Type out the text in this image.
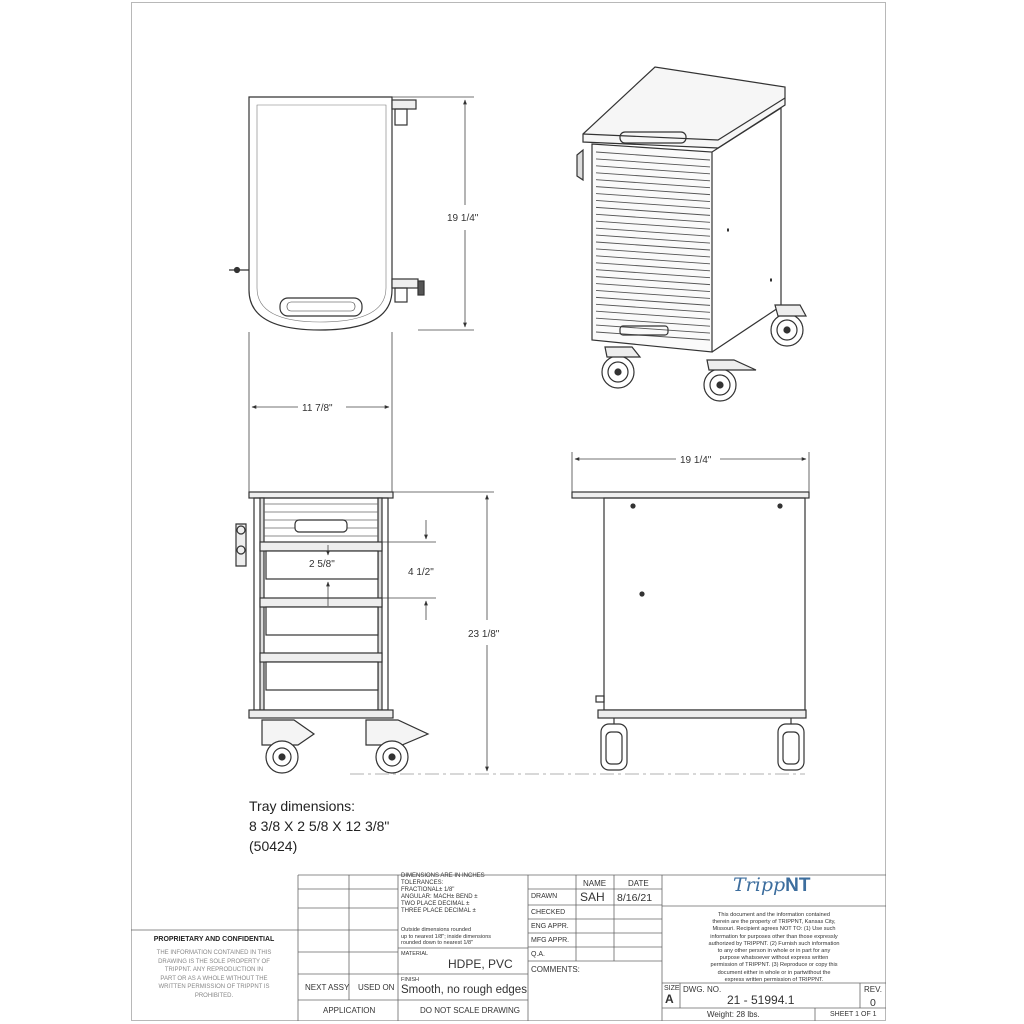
19 1/4"
11 7/8"
19 1/4"
2 5/8"
4 1/2"
23 1/8"
Tray dimensions:
8 3/8 X 2 5/8 X 12 3/8"
(50424)
PROPRIETARY AND CONFIDENTIAL
THE INFORMATION CONTAINED IN THIS
DRAWING IS THE SOLE PROPERTY OF
TRIPPNT. ANY REPRODUCTION IN
PART OR AS A WHOLE WITHOUT THE
WRITTEN PERMISSION OF TRIPPNT IS
PROHIBITED.
DIMENSIONS ARE IN INCHES
TOLERANCES:
FRACTIONAL± 1/8"
ANGULAR: MACH± BEND ±
TWO PLACE DECIMAL ±
THREE PLACE DECIMAL ±
Outside dimensions rounded
up to nearest 1/8"; inside dimensions
rounded down to nearest 1/8"
MATERIAL
HDPE, PVC
FINISH
Smooth, no rough edges
DO NOT SCALE DRAWING
NEXT ASSY USED ON
APPLICATION
NAME	DATE
DRAWN SAH 8/16/21
CHECKED
ENG APPR.
MFG APPR.
Q.A.
COMMENTS:
TrippNT
This document and the information contained
therein are the property of TRIPPNT, Kansas City,
Missouri. Recipient agrees NOT TO: (1) Use such
information for purposes other than those expressly
authorized by TRIPPNT. (2) Furnish such information
to any other person in whole or in part for any
purpose whatsoever without express written
permission of TRIPPNT. (3) Reproduce or copy this
document either in whole or in partwithout the
express written permission of TRIPPNT.
SIZE
A
DWG. NO.
21 - 51994.1
REV.
0
Weight: 28 lbs.	SHEET 1 OF 1
